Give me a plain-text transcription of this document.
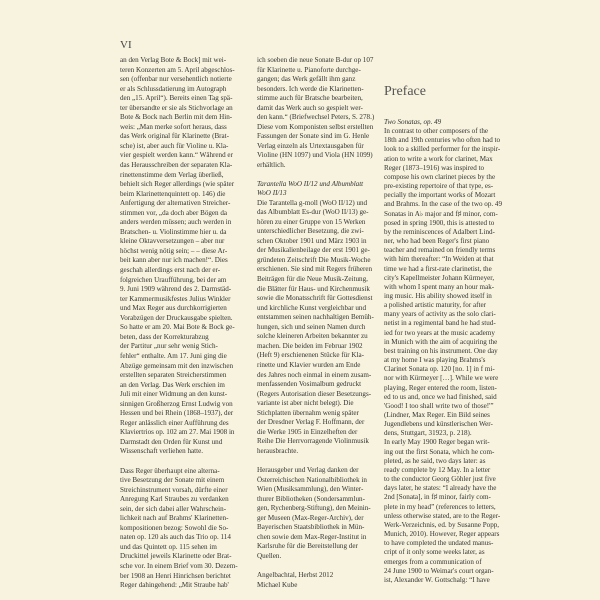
VI
an den Verlag Bote & Bock] mit wei-
teren Konzerten am 5. April abgeschlos-
sen (offenbar nur versehentlich notierte
er als Schlussdatierung im Autograph
den „15. April“). Bereits einen Tag spä-
ter übersandte er sie als Stichvorlage an
Bote & Bock nach Berlin mit dem Hin-
weis: „Man merke sofort heraus, dass
das Werk original für Klarinette (Brat-
sche) ist, aber auch für Violine u. Kla-
vier gespielt werden kann.“ Während er
das Herausschreiben der separaten Kla-
rinettenstimme dem Verlag überließ,
behielt sich Reger allerdings (wie später
beim Klarinettenquintett op. 146) die
Anfertigung der alternativen Streicher-
stimmen vor, „da doch aber Bögen da
anders werden müssen; auch werden in
Bratschen- u. Violinstimme hier u. da
kleine Oktavversetzungen – aber nur
höchst wenig nötig sein; – – diese Ar-
beit kann aber nur ich machen!“. Dies
geschah allerdings erst nach der er-
folgreichen Uraufführung, bei der am
9. Juni 1909 während des 2. Darmstäd-
ter Kammermusikfestes Julius Winkler
und Max Reger aus durchkorrigierten
Vorabzügen der Druckausgabe spielten.
So hatte er am 20. Mai Bote & Bock ge-
beten, dass der Korrekturabzug
der Partitur „nur sehr wenig Stich-
fehler“ enthalte. Am 17. Juni ging die
Abzüge gemeinsam mit den inzwischen
erstellten separaten Streicherstimmen
an den Verlag. Das Werk erschien im
Juli mit einer Widmung an den kunst-
sinnigen Großherzog Ernst Ludwig von
Hessen und bei Rhein (1868–1937), der
Reger anlässlich einer Aufführung des
Klaviertrios op. 102 am 27. Mai 1908 in
Darmstadt den Orden für Kunst und
Wissenschaft verliehen hatte.

Dass Reger überhaupt eine alterna-
tive Besetzung der Sonate mit einem
Streichinstrument vorsah, dürfte einer
Anregung Karl Straubes zu verdanken
sein, der sich dabei aller Wahrschein-
lichkeit nach auf Brahms' Klarinetten-
kompositionen bezog: Sowohl die So-
naten op. 120 als auch das Trio op. 114
und das Quintett op. 115 sehen im
Druckittel jeweils Klarinette oder Brat-
sche vor. In einem Brief vom 30. Dezem-
ber 1908 an Henri Hinrichsen berichtet
Reger dahingehend: „Mit Straube hab'
ich soeben die neue Sonate B-dur op 107
für Klarinette u. Pianoforte durchge-
gangen; das Werk gefällt ihm ganz
besonders. Ich werde die Klarinetten-
stimme auch für Bratsche bearbeiten,
damit das Werk auch so gespielt wer-
den kann.“ (Briefwechsel Peters, S. 278.)
Diese vom Komponisten selbst erstellten
Fassungen der Sonate sind im G. Henle
Verlag einzeln als Urtextausgaben für
Violine (HN 1097) und Viola (HN 1099)
erhältlich.
Tarantella WoO II/12 und Albumblatt WoO II/13
Die Tarantella g-moll (WoO II/12) und
das Albumblatt Es-dur (WoO II/13) ge-
hören zu einer Gruppe von 15 Werken
unterschiedlicher Besetzung, die zwi-
schen Oktober 1901 und März 1903 in
der Musikalienbeilage der erst 1901 ge-
gründeten Zeitschrift Die Musik-Woche
erschienen. Sie sind mit Regers früheren
Beiträgen für die Neue Musik-Zeitung,
die Blätter für Haus- und Kirchenmusik
sowie die Monatsschrift für Gottesdienst
und kirchliche Kunst vergleichbar und
entstammen seinen nachhaltigen Bemüh-
hungen, sich und seinen Namen durch
solche kleineren Arbeiten bekannter zu
machen. Die beiden im Februar 1902
(Heft 9) erschienenen Stücke für Kla-
rinette und Klavier wurden am Ende
des Jahres noch einmal in einem zusam-
menfassenden Vosimalbum gedruckt
(Regers Autorisation dieser Besetzungs-
variante ist aber nicht belegt). Die
Stichplatten übernahm wenig später
der Dresdner Verlag F. Hoffmann, der
die Werke 1905 in Einzelheften der
Reihe Die Herrvorragende Violinmusik
herausbrachte.

Herausgeber und Verlag danken der
Österreichischen Nationalbibliothek in
Wien (Musiksammlung), den Winter-
thurer Bibliotheken (Sondersammlun-
gen, Rychenberg-Stiftung), den Meinin-
ger Museen (Max-Reger-Archiv), der
Bayerischen Staatsbibliothek in Mün-
chen sowie dem Max-Reger-Institut in
Karlsruhe für die Bereitstellung der
Quellen.

Angelbachtal, Herbst 2012
Michael Kube
Preface
Two Sonatas, op. 49
In contrast to other composers of the
18th and 19th centuries who often had to
look to a skilled performer for the inspir-
ation to write a work for clarinet, Max
Reger (1873–1916) was inspired to
compose his own clarinet pieces by the
pre-existing repertoire of that type, es-
pecially the important works of Mozart
and Brahms. In the case of the two op. 49
Sonatas in A♭ major and f♯ minor, com-
posed in spring 1900, this is attested to
by the reminiscences of Adalbert Lind-
ner, who had been Reger's first piano
teacher and remained on friendly terms
with him thereafter: “In Weiden at that
time we had a first-rate clarinetist, the
city's Kapellmeister Johann Kürmeyer,
with whom I spent many an hour mak-
ing music. His ability showed itself in
a polished artistic maturity, for after
many years of activity as the solo clari-
netist in a regimental band he had stud-
ied for two years at the music academy
in Munich with the aim of acquiring the
best training on his instrument. One day
at my home I was playing Brahms's
Clarinet Sonata op. 120 [no. 1] in f mi-
nor with Kürmeyer […]. While we were
playing, Reger entered the room, listen-
ed to us and, once we had finished, said
'Good! I too shall write two of those!'”
(Lindner, Max Reger. Ein Bild seines
Jugendlebens und künstlerischen Wer-
dens, Stuttgart, 31923, p. 218).
In early May 1900 Reger began writ-
ing out the first Sonata, which he com-
pleted, as he said, two days later: as
ready complete by 12 May. In a letter
to the conductor Georg Göhler just five
days later, he states: “I already have the
2nd [Sonata], in f♯ minor, fairly com-
plete in my head” (references to letters,
unless otherwise stated, are to the Reger-
Werk-Verzeichnis, ed. by Susanne Popp,
Munich, 2010). However, Reger appears
to have completed the undated manus-
cript of it only some weeks later, as
emerges from a communication of
24 June 1900 to Weimar's court organ-
ist, Alexander W. Gottschalg: “I have
